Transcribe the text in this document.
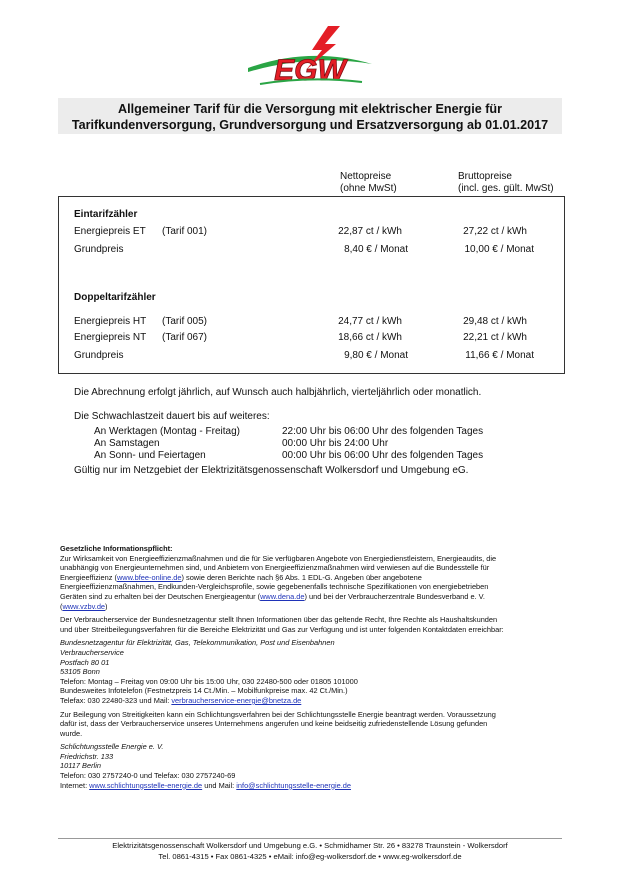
EGW
Allgemeiner Tarif für die Versorgung mit elektrischer Energie für
Tarifkundenversorgung, Grundversorgung und Ersatzversorgung ab 01.01.2017
Nettopreise
(ohne MwSt)
Bruttopreise
(incl. ges. gült. MwSt)
Eintarifzähler
Energiepreis ET (Tarif 001)	22,87 ct / kWh	27,22 ct / kWh
Grundpreis	8,40 € / Monat	10,00 € / Monat
Doppeltarifzähler
Energiepreis HT (Tarif 005)	24,77 ct / kWh	29,48 ct / kWh
Energiepreis NT (Tarif 067)	18,66 ct / kWh	22,21 ct / kWh
Grundpreis	9,80 € / Monat	11,66 € / Monat
Die Abrechnung erfolgt jährlich, auf Wunsch auch halbjährlich, vierteljährlich oder monatlich.
Die Schwachlastzeit dauert bis auf weiteres:
An Werktagen (Montag - Freitag)	22:00 Uhr bis 06:00 Uhr des folgenden Tages
An Samstagen	00:00 Uhr bis 24:00 Uhr
An Sonn- und Feiertagen	00:00 Uhr bis 06:00 Uhr des folgenden Tages
Gültig nur im Netzgebiet der Elektrizitätsgenossenschaft Wolkersdorf und Umgebung eG.
Gesetzliche Informationspflicht:
Zur Wirksamkeit von Energieeffizienzmaßnahmen und die für Sie verfügbaren Angebote von Energiedienstleistern, Energieaudits, die
unabhängig von Energieunternehmen sind, und Anbietern von Energieeffizienzmaßnahmen wird verwiesen auf die Bundesstelle für
Energieeffizienz (www.bfee-online.de) sowie deren Berichte nach §6 Abs. 1 EDL-G. Angeben über angebotene
Energieeffizienzmaßnahmen, Endkunden-Vergleichsprofile, sowie gegebenenfalls technische Spezifikationen von energiebetrieben
Geräten sind zu erhalten bei der Deutschen Energieagentur (www.dena.de) und bei der Verbraucherzentrale Bundesverband e. V.
(www.vzbv.de)
Der Verbraucherservice der Bundesnetzagentur stellt Ihnen Informationen über das geltende Recht, Ihre Rechte als Haushaltskunden
und über Streitbeilegungsverfahren für die Bereiche Elektrizität und Gas zur Verfügung und ist unter folgenden Kontaktdaten erreichbar:
Bundesnetzagentur für Elektrizität, Gas, Telekommunikation, Post und Eisenbahnen
Verbraucherservice
Postfach 80 01
53105 Bonn
Telefon: Montag – Freitag von 09:00 Uhr bis 15:00 Uhr, 030 22480-500 oder 01805 101000
Bundesweites Infotelefon (Festnetzpreis 14 Ct./Min. – Mobilfunkpreise max. 42 Ct./Min.)
Telefax: 030 22480-323 und Mail: verbraucherservice-energie@bnetza.de
Zur Beilegung von Streitigkeiten kann ein Schlichtungsverfahren bei der Schlichtungsstelle Energie beantragt werden. Voraussetzung
dafür ist, dass der Verbraucherservice unseres Unternehmens angerufen und keine beidseitig zufriedenstellende Lösung gefunden
wurde.
Schlichtungsstelle Energie e. V.
Friedrichstr. 133
10117 Berlin
Telefon: 030 2757240-0 und Telefax: 030 2757240-69
Internet: www.schlichtungsstelle-energie.de und Mail: info@schlichtungsstelle-energie.de
Elektrizitätsgenossenschaft Wolkersdorf und Umgebung e.G. • Schmidhamer Str. 26 • 83278 Traunstein - Wolkersdorf
Tel. 0861-4315 • Fax 0861-4325 • eMail: info@eg-wolkersdorf.de • www.eg-wolkersdorf.de
